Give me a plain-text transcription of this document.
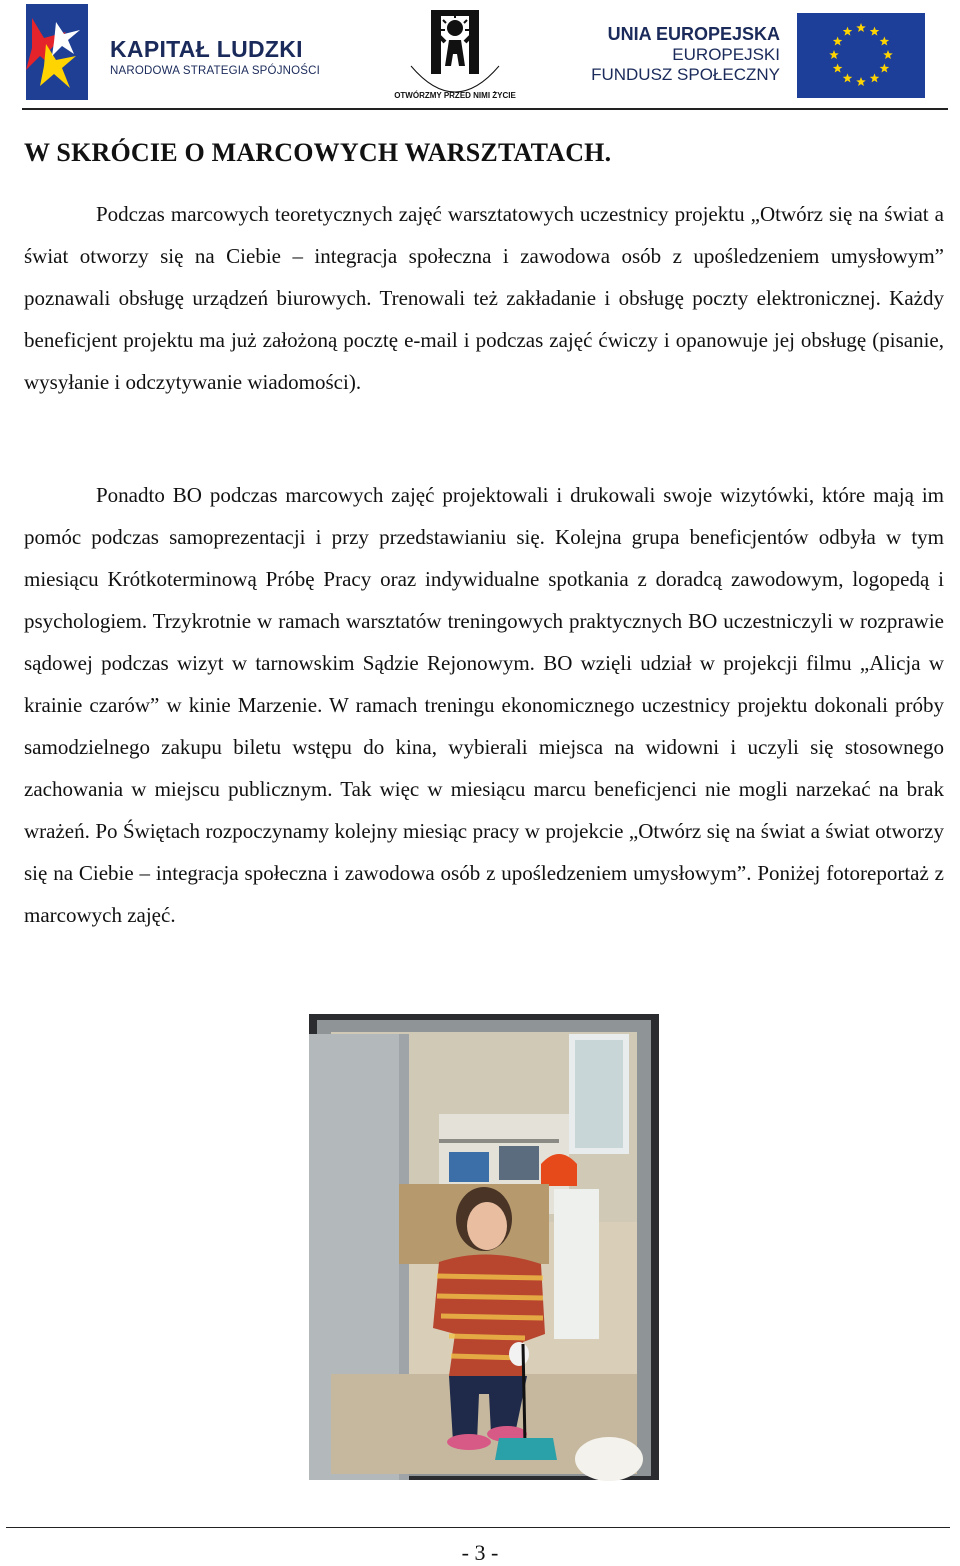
KAPITAŁ LUDZKI
NARODOWA STRATEGIA SPÓJNOŚCI
OTWÓRZMY PRZED NIMI ŻYCIE
UNIA EUROPEJSKA
EUROPEJSKI
FUNDUSZ SPOŁECZNY
W SKRÓCIE O MARCOWYCH WARSZTATACH.
Podczas marcowych teoretycznych zajęć warsztatowych uczestnicy projektu „Otwórz się na świat a świat otworzy się na Ciebie – integracja społeczna i zawodowa osób z upośledzeniem umysłowym” poznawali obsługę urządzeń biurowych. Trenowali też zakładanie i obsługę poczty elektronicznej. Każdy beneficjent projektu ma już założoną pocztę e-mail i podczas zajęć ćwiczy i opanowuje jej obsługę (pisanie, wysyłanie i odczytywanie wiadomości).
Ponadto BO podczas marcowych zajęć projektowali i drukowali swoje wizytówki, które mają im pomóc podczas samoprezentacji i przy przedstawianiu się. Kolejna grupa beneficjentów odbyła w tym miesiącu Krótkoterminową Próbę Pracy oraz indywidualne spotkania z doradcą zawodowym, logopedą i psychologiem. Trzykrotnie w ramach warsztatów treningowych praktycznych BO uczestniczyli w rozprawie sądowej podczas wizyt w tarnowskim Sądzie Rejonowym. BO wzięli udział w projekcji filmu „Alicja w krainie czarów” w kinie Marzenie. W ramach treningu ekonomicznego uczestnicy projektu dokonali próby samodzielnego zakupu biletu wstępu do kina, wybierali miejsca na widowni i uczyli się stosownego zachowania w miejscu publicznym. Tak więc w miesiącu marcu beneficjenci nie mogli narzekać na brak wrażeń. Po Świętach rozpoczynamy kolejny miesiąc pracy w projekcie „Otwórz się na świat a świat otworzy się na Ciebie – integracja społeczna i zawodowa osób z upośledzeniem umysłowym”. Poniżej fotoreportaż z marcowych zajęć.
- 3 -
